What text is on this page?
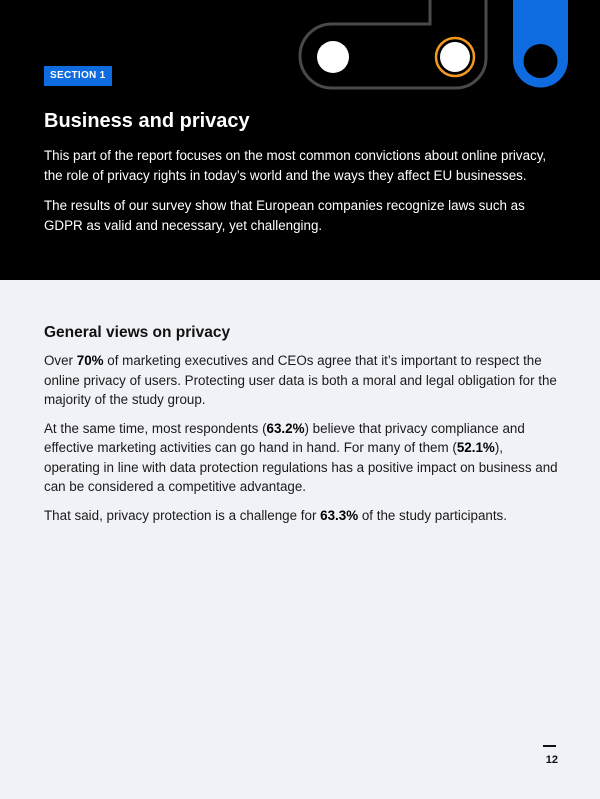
SECTION 1
Business and privacy

This part of the report focuses on the most common convictions about online privacy, the role of privacy rights in today’s world and the ways they affect EU businesses.

The results of our survey show that European companies recognize laws such as GDPR as valid and necessary, yet challenging.

General views on privacy

Over 70% of marketing executives and CEOs agree that it’s important to respect the online privacy of users. Protecting user data is both a moral and legal obligation for the majority of the study group.

At the same time, most respondents (63.2%) believe that privacy compliance and effective marketing activities can go hand in hand. For many of them (52.1%), operating in line with data protection regulations has a positive impact on business and can be considered a competitive advantage.

That said, privacy protection is a challenge for 63.3% of the study participants.

12
